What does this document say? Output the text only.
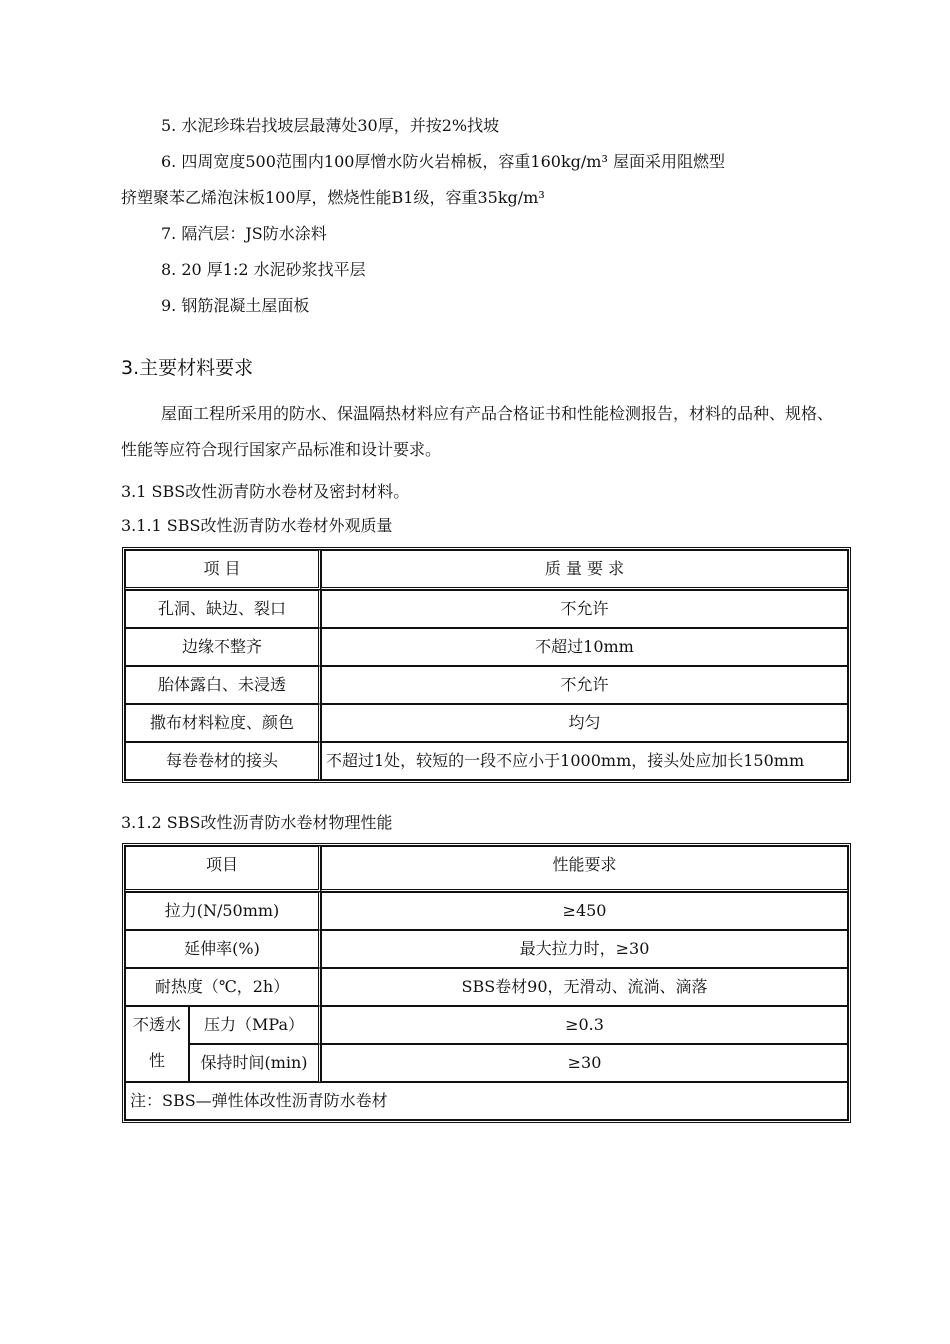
5. 水泥珍珠岩找坡层最薄处30厚，并按2%找坡
6. 四周宽度500范围内100厚憎水防火岩棉板，容重160kg/m³ 屋面采用阻燃型
挤塑聚苯乙烯泡沫板100厚，燃烧性能B1级，容重35kg/m³
7. 隔汽层：JS防水涂料
8. 20 厚1:2 水泥砂浆找平层
9. 钢筋混凝土屋面板
3.主要材料要求
屋面工程所采用的防水、保温隔热材料应有产品合格证书和性能检测报告，材料的品种、规格、性能等应符合现行国家产品标准和设计要求。
3.1 SBS改性沥青防水卷材及密封材料。
3.1.1 SBS改性沥青防水卷材外观质量
项 目	质 量 要 求
孔洞、缺边、裂口	不允许
边缘不整齐	不超过10mm
胎体露白、未浸透	不允许
撒布材料粒度、颜色	均匀
每卷卷材的接头	不超过1处，较短的一段不应小于1000mm，接头处应加长150mm
3.1.2 SBS改性沥青防水卷材物理性能
项目		性能要求
拉力(N/50mm)		≥450
延伸率(%)		最大拉力时，≥30
耐热度（℃，2h）		SBS卷材90，无滑动、流淌、滴落
不透水性	压力（MPa）	≥0.3
	保持时间(min)	≥30
注：SBS—弹性体改性沥青防水卷材		
